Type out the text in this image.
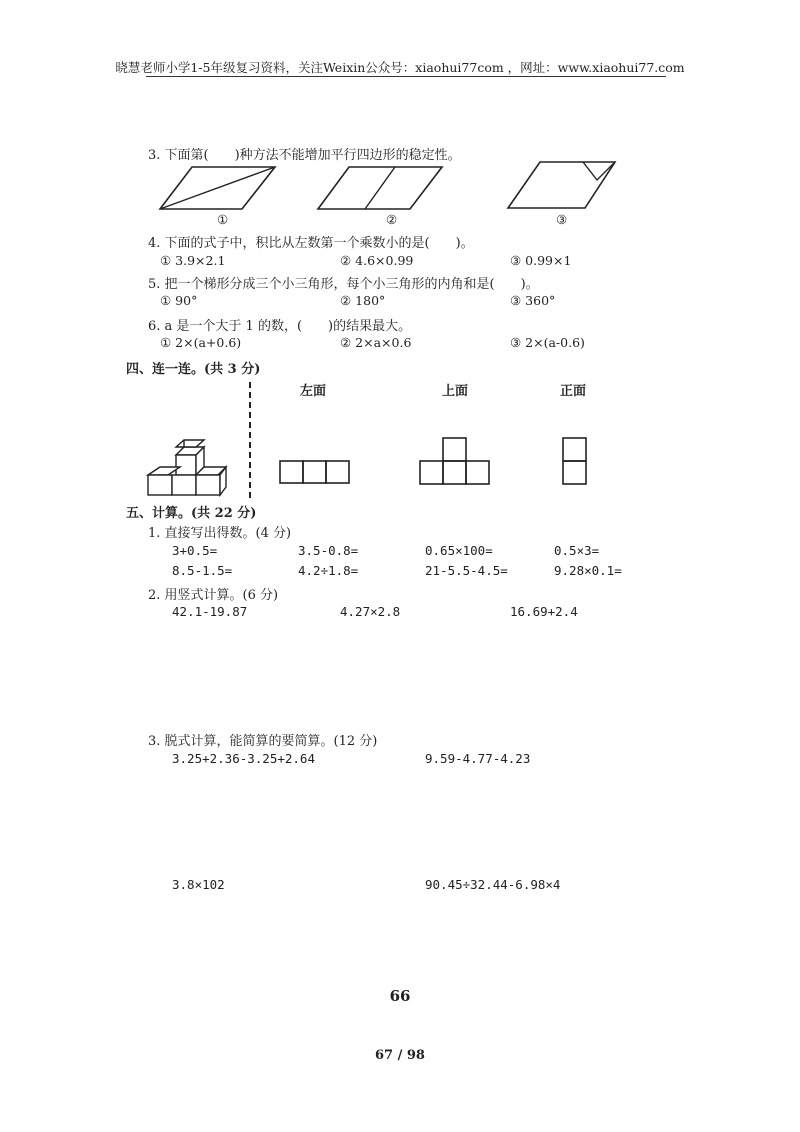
晓慧老师小学1-5年级复习资料，关注Weixin公众号：xiaohui77com ，网址：www.xiaohui77.com
3. 下面第(　　)种方法不能增加平行四边形的稳定性。
①	②	③
4. 下面的式子中，积比从左数第一个乘数小的是(　　)。
① 3.9×2.1	② 4.6×0.99	③ 0.99×1
5. 把一个梯形分成三个小三角形，每个小三角形的内角和是(　　)。
① 90°	② 180°	③ 360°
6. a 是一个大于 1 的数，(　　)的结果最大。
① 2×(a+0.6)	② 2×a×0.6	③ 2×(a-0.6)
四、连一连。(共 3 分)
左面	上面	正面
五、计算。(共 22 分)
1. 直接写出得数。(4 分)
3+0.5=	3.5-0.8=	0.65×100=	0.5×3=
8.5-1.5=	4.2÷1.8=	21-5.5-4.5=	9.28×0.1=
2. 用竖式计算。(6 分)
42.1-19.87	4.27×2.8	16.69+2.4
3. 脱式计算，能简算的要简算。(12 分)
3.25+2.36-3.25+2.64	9.59-4.77-4.23
3.8×102	90.45÷32.44-6.98×4
66
67 / 98
